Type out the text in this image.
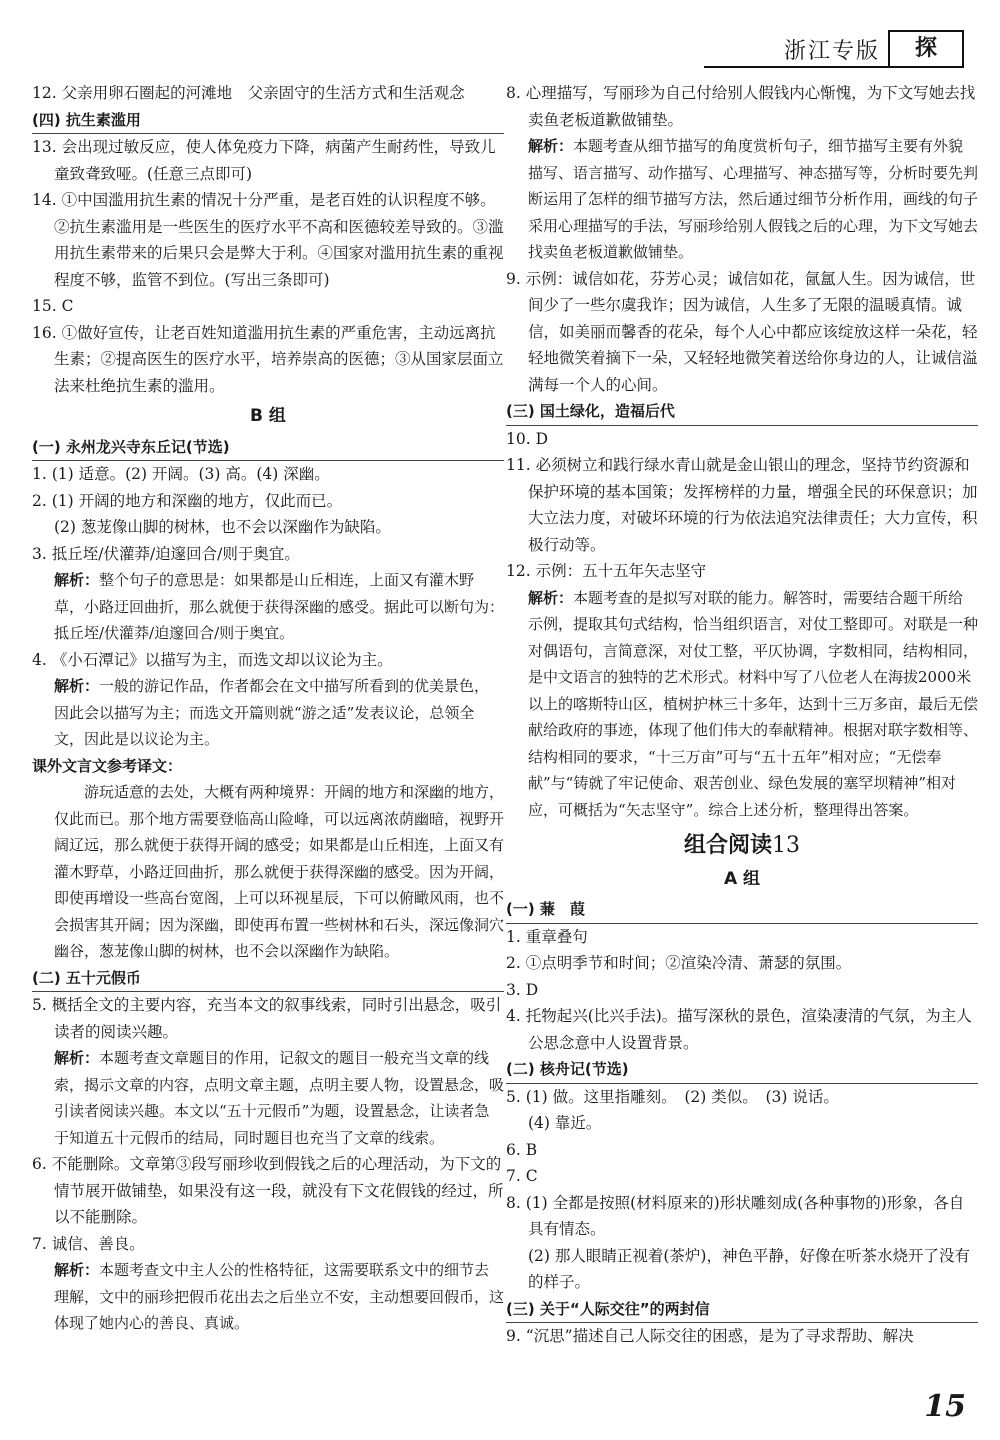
浙江专版	探
12. 父亲用卵石圈起的河滩地　父亲固守的生活方式和生活观念
(四) 抗生素滥用
13. 会出现过敏反应，使人体免疫力下降，病菌产生耐药性，导致儿童致聋致哑。(任意三点即可)
14. ①中国滥用抗生素的情况十分严重，是老百姓的认识程度不够。②抗生素滥用是一些医生的医疗水平不高和医德较差导致的。③滥用抗生素带来的后果只会是弊大于利。④国家对滥用抗生素的重视程度不够，监管不到位。(写出三条即可)
15. C
16. ①做好宣传，让老百姓知道滥用抗生素的严重危害，主动远离抗生素；②提高医生的医疗水平，培养崇高的医德；③从国家层面立法来杜绝抗生素的滥用。
B 组
(一) 永州龙兴寺东丘记(节选)
1. (1) 适意。(2) 开阔。(3) 高。(4) 深幽。
2. (1) 开阔的地方和深幽的地方，仅此而已。
(2) 葱茏像山脚的树林，也不会以深幽作为缺陷。
3. 抵丘垤/伏灌莽/迫邃回合/则于奥宜。
解析：整个句子的意思是：如果都是山丘相连，上面又有灌木野草，小路迂回曲折，那么就便于获得深幽的感受。据此可以断句为：抵丘垤/伏灌莽/迫邃回合/则于奥宜。
4. 《小石潭记》以描写为主，而选文却以议论为主。
解析：一般的游记作品，作者都会在文中描写所看到的优美景色，因此会以描写为主；而选文开篇则就“游之适”发表议论，总领全文，因此是以议论为主。
课外文言文参考译文：
游玩适意的去处，大概有两种境界：开阔的地方和深幽的地方，仅此而已。那个地方需要登临高山险峰，可以远离浓荫幽暗，视野开阔辽远，那么就便于获得开阔的感受；如果都是山丘相连，上面又有灌木野草，小路迂回曲折，那么就便于获得深幽的感受。因为开阔，即使再增设一些高台宽阁，上可以环视星辰，下可以俯瞰风雨，也不会损害其开阔；因为深幽，即使再布置一些树林和石头，深远像洞穴幽谷，葱茏像山脚的树林，也不会以深幽作为缺陷。
(二) 五十元假币
5. 概括全文的主要内容，充当本文的叙事线索，同时引出悬念，吸引读者的阅读兴趣。
解析：本题考查文章题目的作用，记叙文的题目一般充当文章的线索，揭示文章的内容，点明文章主题，点明主要人物，设置悬念，吸引读者阅读兴趣。本文以“五十元假币”为题，设置悬念，让读者急于知道五十元假币的结局，同时题目也充当了文章的线索。
6. 不能删除。文章第③段写丽珍收到假钱之后的心理活动，为下文的情节展开做铺垫，如果没有这一段，就没有下文花假钱的经过，所以不能删除。
7. 诚信、善良。
解析：本题考查文中主人公的性格特征，这需要联系文中的细节去理解，文中的丽珍把假币花出去之后坐立不安，主动想要回假币，这体现了她内心的善良、真诚。
8. 心理描写，写丽珍为自己付给别人假钱内心惭愧，为下文写她去找卖鱼老板道歉做铺垫。
解析：本题考查从细节描写的角度赏析句子，细节描写主要有外貌描写、语言描写、动作描写、心理描写、神态描写等，分析时要先判断运用了怎样的细节描写方法，然后通过细节分析作用，画线的句子采用心理描写的手法，写丽珍给别人假钱之后的心理，为下文写她去找卖鱼老板道歉做铺垫。
9. 示例：诚信如花，芬芳心灵；诚信如花，氤氲人生。因为诚信，世间少了一些尔虞我诈；因为诚信，人生多了无限的温暖真情。诚信，如美丽而馨香的花朵，每个人心中都应该绽放这样一朵花，轻轻地微笑着摘下一朵，又轻轻地微笑着送给你身边的人，让诚信溢满每一个人的心间。
(三) 国土绿化，造福后代
10. D
11. 必须树立和践行绿水青山就是金山银山的理念，坚持节约资源和保护环境的基本国策；发挥榜样的力量，增强全民的环保意识；加大立法力度，对破坏环境的行为依法追究法律责任；大力宣传，积极行动等。
12. 示例：五十五年矢志坚守
解析：本题考查的是拟写对联的能力。解答时，需要结合题干所给示例，提取其句式结构，恰当组织语言，对仗工整即可。对联是一种对偶语句，言简意深，对仗工整，平仄协调，字数相同，结构相同，是中文语言的独特的艺术形式。材料中写了八位老人在海拔2000米以上的喀斯特山区，植树护林三十多年，达到十三万多亩，最后无偿献给政府的事迹，体现了他们伟大的奉献精神。根据对联字数相等、结构相同的要求，“十三万亩”可与“五十五年”相对应；“无偿奉献”与“铸就了牢记使命、艰苦创业、绿色发展的塞罕坝精神”相对应，可概括为“矢志坚守”。综合上述分析，整理得出答案。
组合阅读13
A 组
(一) 蒹　葭
1. 重章叠句
2. ①点明季节和时间；②渲染冷清、萧瑟的氛围。
3. D
4. 托物起兴(比兴手法)。描写深秋的景色，渲染凄清的气氛，为主人公思念意中人设置背景。
(二) 核舟记(节选)
5. (1) 做。这里指雕刻。　(2) 类似。　(3) 说话。
(4) 靠近。
6. B
7. C
8. (1) 全都是按照(材料原来的)形状雕刻成(各种事物的)形象，各自具有情态。
(2) 那人眼睛正视着(茶炉)，神色平静，好像在听茶水烧开了没有的样子。
(三) 关于“人际交往”的两封信
9. “沉思”描述自己人际交往的困惑，是为了寻求帮助、解决
15
